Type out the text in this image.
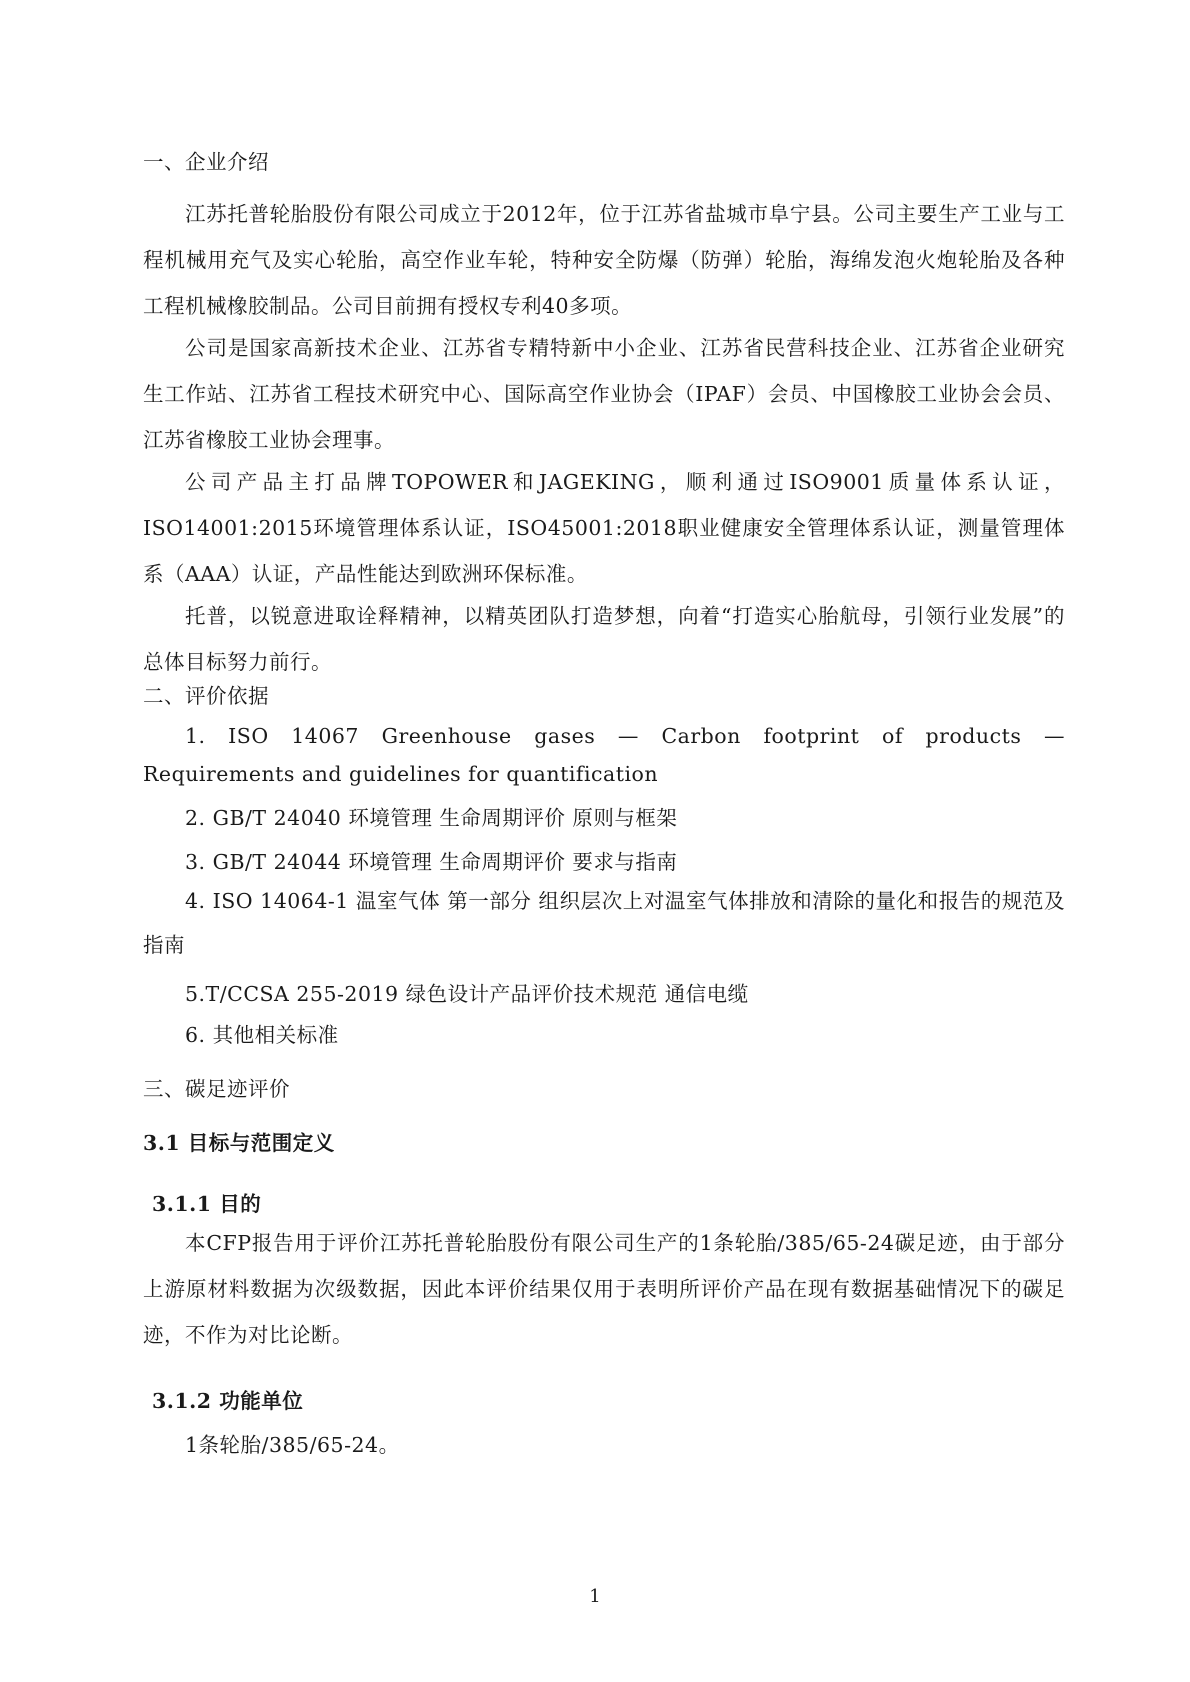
一、企业介绍

江苏托普轮胎股份有限公司成立于2012年，位于江苏省盐城市阜宁县。公司主要生产工业与工程机械用充气及实心轮胎，高空作业车轮，特种安全防爆（防弹）轮胎，海绵发泡火炮轮胎及各种工程机械橡胶制品。公司目前拥有授权专利40多项。

公司是国家高新技术企业、江苏省专精特新中小企业、江苏省民营科技企业、江苏省企业研究生工作站、江苏省工程技术研究中心、国际高空作业协会（IPAF）会员、中国橡胶工业协会会员、江苏省橡胶工业协会理事。

公司产品主打品牌TOPOWER和JAGEKING，顺利通过ISO9001质量体系认证，ISO14001:2015环境管理体系认证，ISO45001:2018职业健康安全管理体系认证，测量管理体系（AAA）认证，产品性能达到欧洲环保标准。

托普，以锐意进取诠释精神，以精英团队打造梦想，向着“打造实心胎航母，引领行业发展”的总体目标努力前行。

二、评价依据

1. ISO 14067 Greenhouse gases — Carbon footprint of products — Requirements and guidelines for quantification

2. GB/T 24040 环境管理 生命周期评价 原则与框架

3. GB/T 24044 环境管理 生命周期评价 要求与指南

4. ISO 14064-1 温室气体 第一部分 组织层次上对温室气体排放和清除的量化和报告的规范及指南

5.T/CCSA 255-2019 绿色设计产品评价技术规范 通信电缆

6. 其他相关标准

三、碳足迹评价

3.1 目标与范围定义

3.1.1 目的

本CFP报告用于评价江苏托普轮胎股份有限公司生产的1条轮胎/385/65-24碳足迹，由于部分上游原材料数据为次级数据，因此本评价结果仅用于表明所评价产品在现有数据基础情况下的碳足迹，不作为对比论断。

3.1.2 功能单位

1条轮胎/385/65-24。

1
